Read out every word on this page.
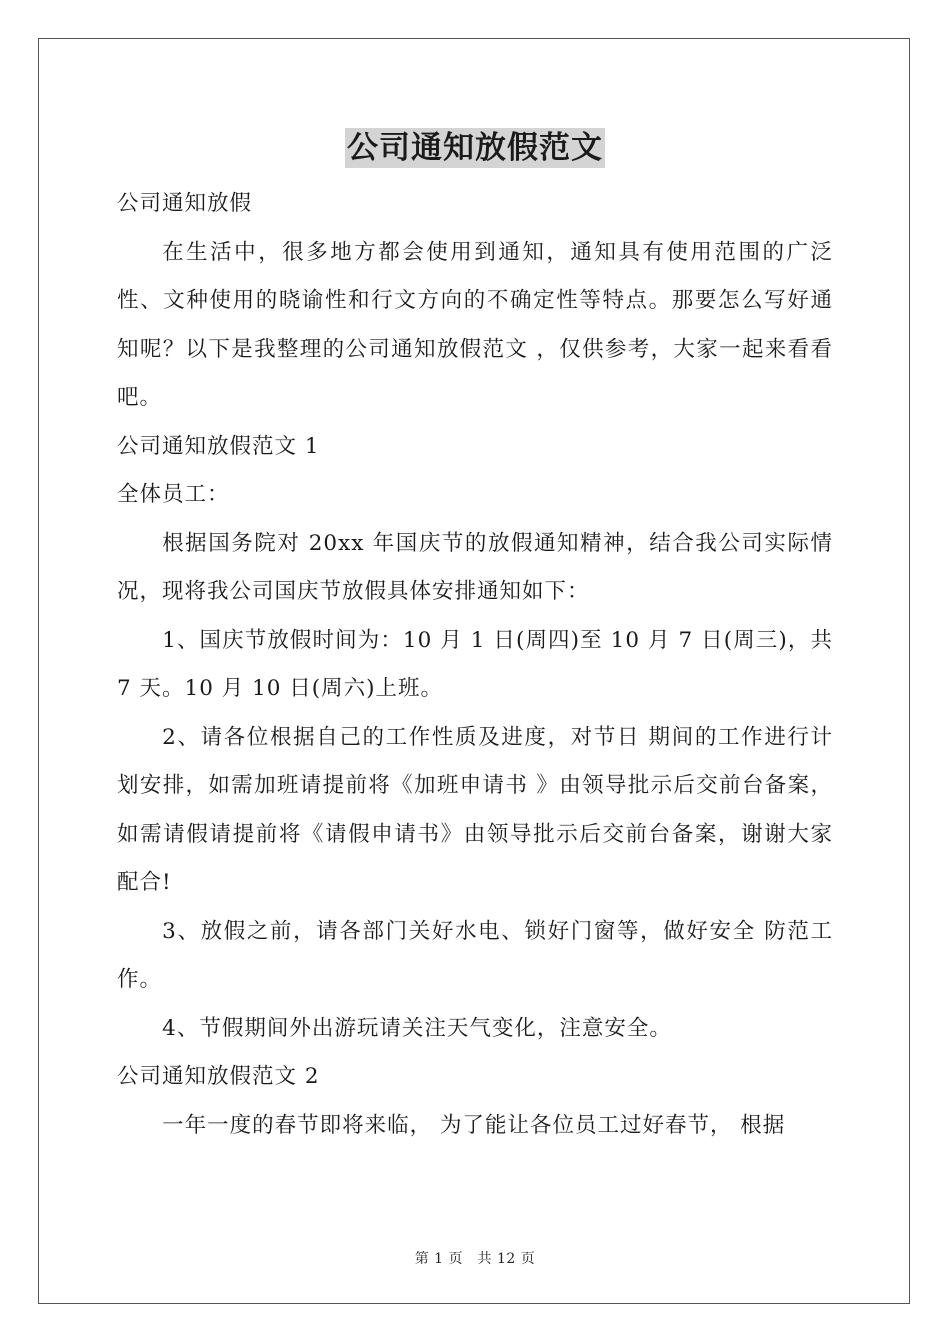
公司通知放假范文

公司通知放假

在生活中，很多地方都会使用到通知，通知具有使用范围的广泛性、文种使用的晓谕性和行文方向的不确定性等特点。那要怎么写好通知呢？以下是我整理的公司通知放假范文 ，仅供参考，大家一起来看看吧。

公司通知放假范文 1

全体员工：

根据国务院对 20xx 年国庆节的放假通知精神，结合我公司实际情况，现将我公司国庆节放假具体安排通知如下：

1、国庆节放假时间为：10 月 1 日(周四)至 10 月 7 日(周三)，共 7 天。10 月 10 日(周六)上班。

2、请各位根据自己的工作性质及进度，对节日 期间的工作进行计划安排，如需加班请提前将《加班申请书 》由领导批示后交前台备案，如需请假请提前将《请假申请书》由领导批示后交前台备案，谢谢大家配合!

3、放假之前，请各部门关好水电、锁好门窗等，做好安全 防范工作。

4、节假期间外出游玩请关注天气变化，注意安全。

公司通知放假范文 2

一年一度的春节即将来临， 为了能让各位员工过好春节， 根据

第 1 页　共 12 页
